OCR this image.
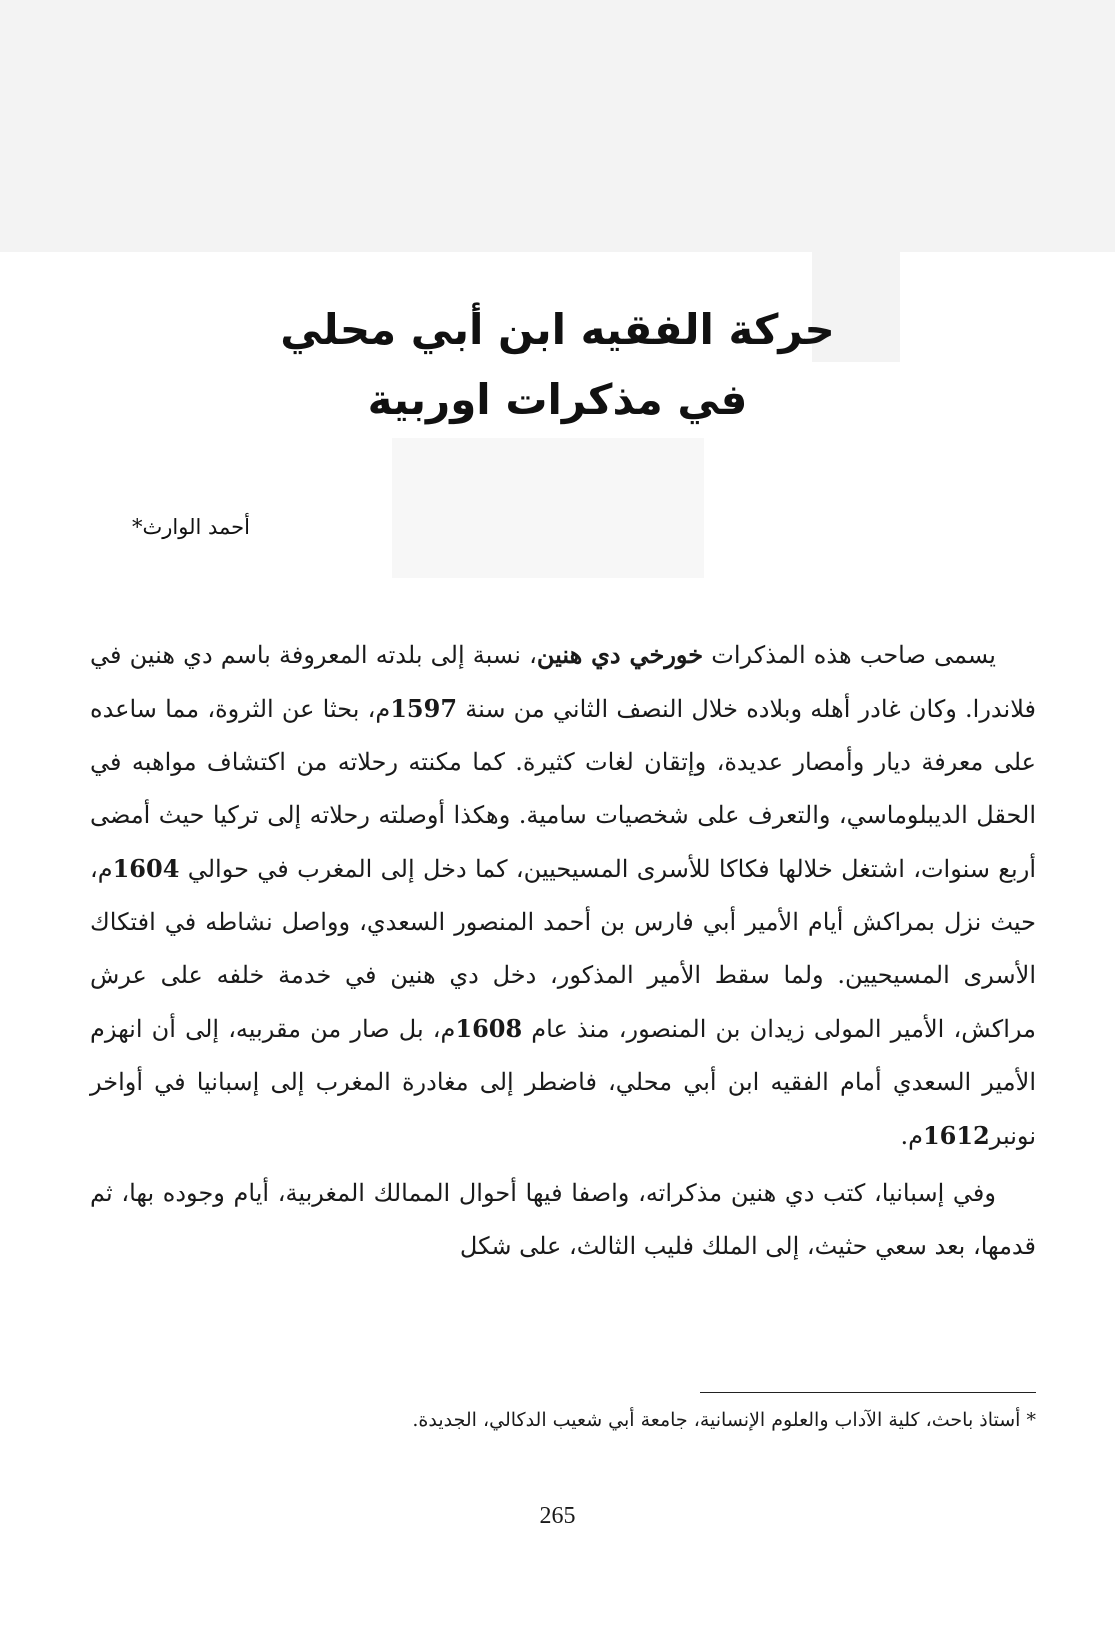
حركة الفقيه ابن أبي محلي
في مذكرات اوربية
أحمد الوارث*

يسمى صاحب هذه المذكرات خورخي دي هنين، نسبة إلى بلدته المعروفة باسم دي هنين في فلاندرا. وكان غادر أهله وبلاده خلال النصف الثاني من سنة 1597م، بحثا عن الثروة، مما ساعده على معرفة ديار وأمصار عديدة، وإتقان لغات كثيرة. كما مكنته رحلاته من اكتشاف مواهبه في الحقل الديبلوماسي، والتعرف على شخصيات سامية. وهكذا أوصلته رحلاته إلى تركيا حيث أمضى أربع سنوات، اشتغل خلالها فكاكا للأسرى المسيحيين، كما دخل إلى المغرب في حوالي 1604م، حيث نزل بمراكش أيام الأمير أبي فارس بن أحمد المنصور السعدي، وواصل نشاطه في افتكاك الأسرى المسيحيين. ولما سقط الأمير المذكور، دخل دي هنين في خدمة خلفه على عرش مراكش، الأمير المولى زيدان بن المنصور، منذ عام 1608م، بل صار من مقربيه، إلى أن انهزم الأمير السعدي أمام الفقيه ابن أبي محلي، فاضطر إلى مغادرة المغرب إلى إسبانيا في أواخر نونبر1612م.

وفي إسبانيا، كتب دي هنين مذكراته، واصفا فيها أحوال الممالك المغربية، أيام وجوده بها، ثم قدمها، بعد سعي حثيث، إلى الملك فليب الثالث، على شكل

* أستاذ باحث، كلية الآداب والعلوم الإنسانية، جامعة أبي شعيب الدكالي، الجديدة.
265
